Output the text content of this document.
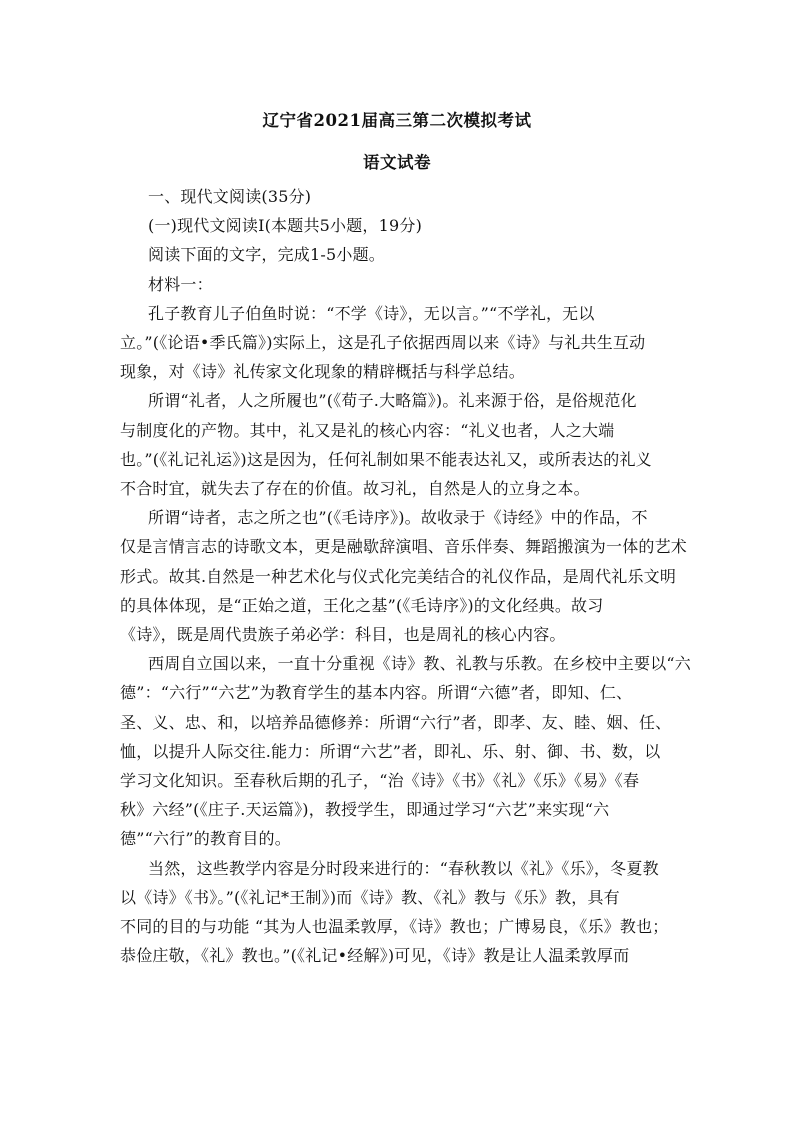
辽宁省2021届高三第二次模拟考试
语文试卷

一、现代文阅读(35分)

(一)现代文阅读Ⅰ(本题共5小题，19分)

阅读下面的文字，完成1-5小题。

材料一：

孔子教育儿子伯鱼时说：“不学《诗》，无以言。”“不学礼，无以

立。”(《论语•季氏篇》)实际上，这是孔子依据西周以来《诗》与礼共生互动

现象，对《诗》礼传家文化现象的精辟概括与科学总结。

所谓“礼者，人之所履也”(《荀子.大略篇》)。礼来源于俗，是俗规范化

与制度化的产物。其中，礼又是礼的核心内容：“礼义也者，人之大端

也。”(《礼记礼运》)这是因为，任何礼制如果不能表达礼又，或所表达的礼义

不合时宜，就失去了存在的价值。故习礼，自然是人的立身之本。

所谓“诗者，志之所之也”(《毛诗序》)。故收录于《诗经》中的作品，不

仅是言情言志的诗歌文本，更是融歇辞演唱、音乐伴奏、舞蹈搬演为一体的艺术

形式。故其.自然是一种艺术化与仪式化完美结合的礼仪作品，是周代礼乐文明

的具体体现，是“正始之道，王化之基”(《毛诗序》)的文化经典。故习

《诗》，既是周代贵族子弟必学：科目，也是周礼的核心内容。

西周自立国以来，一直十分重视《诗》教、礼教与乐教。在乡校中主要以“六

德”：“六行”“六艺”为教育学生的基本内容。所谓“六德”者，即知、仁、

圣、义、忠、和，以培养品德修养：所谓“六行”者，即孝、友、睦、姻、任、

恤，以提升人际交往.能力：所谓“六艺”者，即礼、乐、射、御、书、数，以

学习文化知识。至春秋后期的孔子，“治《诗》《书》《礼》《乐》《易》《春

秋》六经”(《庄子.天运篇》)，教授学生，即通过学习“六艺”来实现“六

德”“六行”的教育目的。

当然，这些教学内容是分时段来进行的：“春秋教以《礼》《乐》，冬夏教

以《诗》《书》。”(《礼记*王制》)而《诗》教、《礼》教与《乐》教，具有

不同的目的与功能 “其为人也温柔敦厚，《诗》教也；广博易良，《乐》教也；

恭俭庄敬，《礼》教也。”(《礼记•经解》)可见，《诗》教是让人温柔敦厚而
